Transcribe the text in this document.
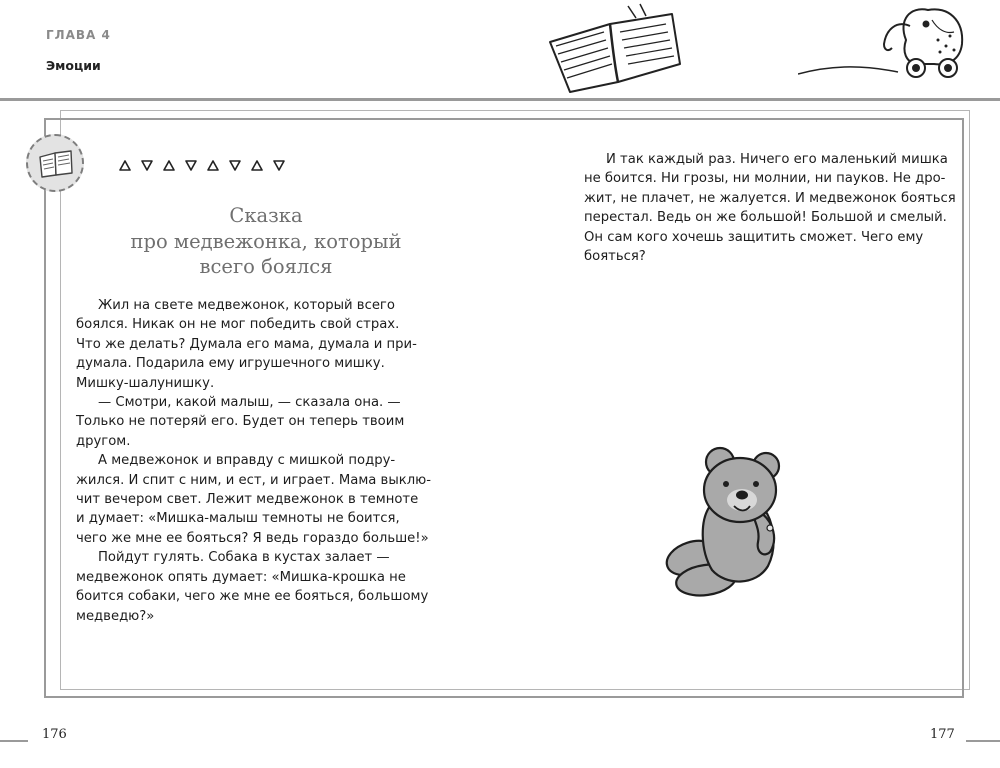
ГЛАВА 4
Эмоции
Сказка
про медвежонка, который
всего боялся
Жил на свете медвежонок, который всего
боялся. Никак он не мог победить свой страх.
Что же делать? Думала его мама, думала и при-
думала. Подарила ему игрушечного мишку.
Мишку-шалунишку.
— Смотри, какой малыш, — сказала она. —
Только не потеряй его. Будет он теперь твоим
другом.
А медвежонок и вправду с мишкой подру-
жился. И спит с ним, и ест, и играет. Мама выклю-
чит вечером свет. Лежит медвежонок в темноте
и думает: «Мишка-малыш темноты не боится,
чего же мне ее бояться? Я ведь гораздо больше!»
Пойдут гулять. Собака в кустах залает —
медвежонок опять думает: «Мишка-крошка не
боится собаки, чего же мне ее бояться, большому
медведю?»
И так каждый раз. Ничего его маленький мишка
не боится. Ни грозы, ни молнии, ни пауков. Не дро-
жит, не плачет, не жалуется. И медвежонок бояться
перестал. Ведь он же большой! Большой и смелый.
Он сам кого хочешь защитить сможет. Чего ему
бояться?
176	177
